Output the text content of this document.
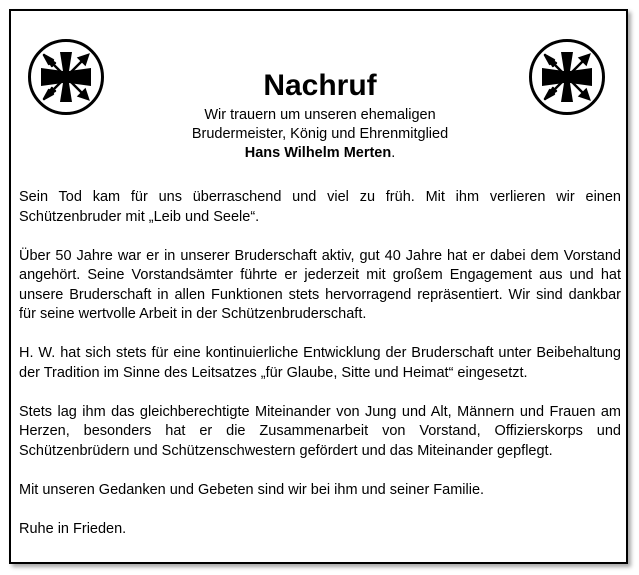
Nachruf

Wir trauern um unseren ehemaligen

Brudermeister, König und Ehrenmitglied

Hans Wilhelm Merten.

Sein Tod kam für uns überraschend und viel zu früh. Mit ihm verlieren wir einen Schützenbruder mit „Leib und Seele“.

Über 50 Jahre war er in unserer Bruderschaft aktiv, gut 40 Jahre hat er dabei dem Vorstand angehört. Seine Vorstandsämter führte er jederzeit mit großem Engagement aus und hat unsere Bruderschaft in allen Funktionen stets hervorragend repräsentiert. Wir sind dankbar für seine wertvolle Arbeit in der Schützenbruderschaft.

H. W. hat sich stets für eine kontinuierliche Entwicklung der Bruderschaft unter Beibehaltung der Tradition im Sinne des Leitsatzes „für Glaube, Sitte und Heimat“ eingesetzt.

Stets lag ihm das gleichberechtigte Miteinander von Jung und Alt, Männern und Frauen am Herzen, besonders hat er die Zusammenarbeit von Vorstand, Offizierskorps und Schützenbrüdern und Schützenschwestern gefördert und das Miteinander gepflegt.

Mit unseren Gedanken und Gebeten sind wir bei ihm und seiner Familie.

Ruhe in Frieden.
